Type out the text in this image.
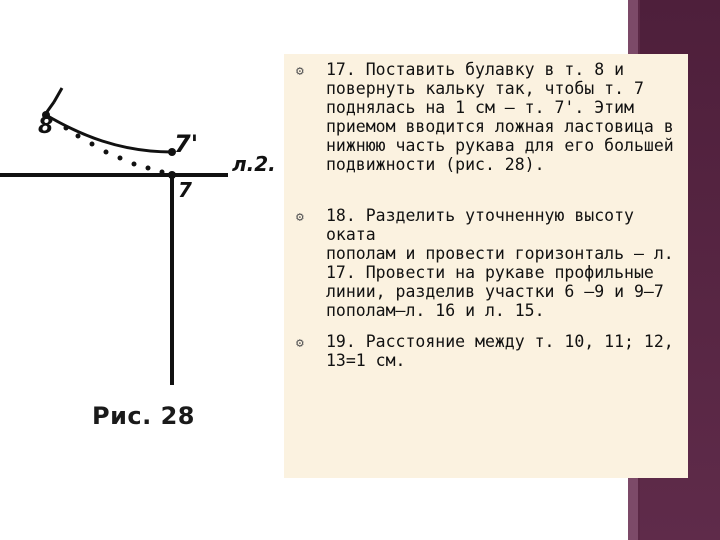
8
7'
7
л.2.
Рис. 28
⚙	17. Поставить булавку в т. 8 и
повернуть кальку так, чтобы т. 7
поднялась на 1 см — т. 7'. Этим
приемом вводится ложная ластовица в
нижнюю часть рукава для его большей
подвижности (рис. 28).
⚙	18. Разделить уточненную высоту оката
пополам и провести горизонталь — л.
17. Провести на рукаве профильные
линии, разделив участки 6 —9 и 9—7
пополам—л. 16 и л. 15.
⚙	19. Расстояние между т. 10, 11; 12,
13=1 см.
